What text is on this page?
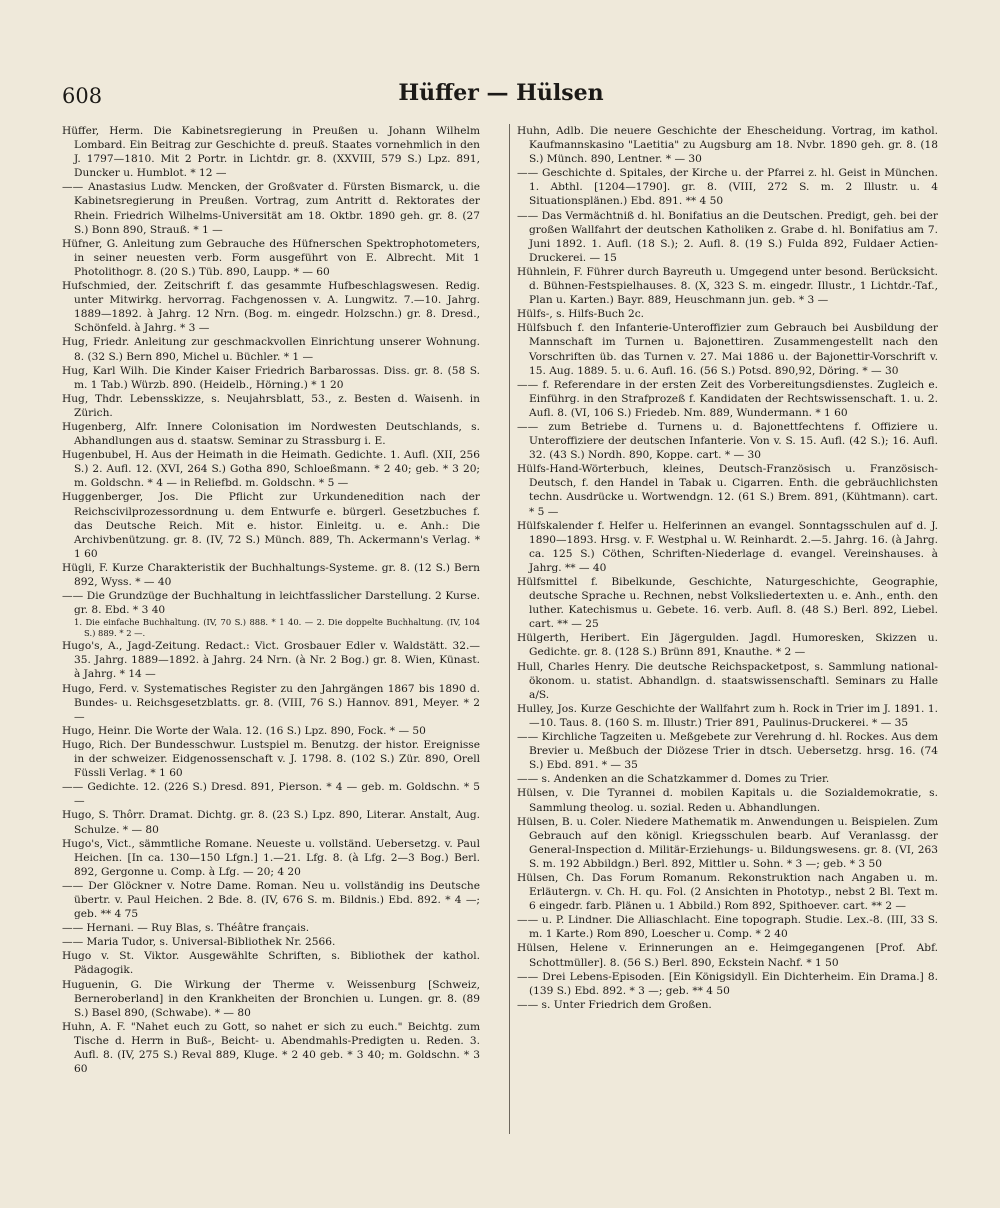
608	Hüffer — Hülsen

Hüffer, Herm. Die Kabinetsregierung in Preußen u. Johann Wilhelm Lombard. Ein Beitrag zur Geschichte d. preuß. Staates vornehmlich in den J. 1797—1810. Mit 2 Portr. in Lichtdr. gr. 8. (XXVIII, 579 S.) Lpz. 891, Duncker u. Humblot. * 12 —

—— Anastasius Ludw. Mencken, der Großvater d. Fürsten Bismarck, u. die Kabinetsregierung in Preußen. Vortrag, zum Antritt d. Rektorates der Rhein. Friedrich Wilhelms-Universität am 18. Oktbr. 1890 geh. gr. 8. (27 S.) Bonn 890, Strauß. * 1 —

Hüfner, G. Anleitung zum Gebrauche des Hüfnerschen Spektrophotometers, in seiner neuesten verb. Form ausgeführt von E. Albrecht. Mit 1 Photolithogr. 8. (20 S.) Tüb. 890, Laupp. * — 60

Hufschmied, der. Zeitschrift f. das gesammte Hufbeschlagswesen. Redig. unter Mitwirkg. hervorrag. Fachgenossen v. A. Lungwitz. 7.—10. Jahrg. 1889—1892. à Jahrg. 12 Nrn. (Bog. m. eingedr. Holzschn.) gr. 8. Dresd., Schönfeld. à Jahrg. * 3 —

Hug, Friedr. Anleitung zur geschmackvollen Einrichtung unserer Wohnung. 8. (32 S.) Bern 890, Michel u. Büchler. * 1 —

Hug, Karl Wilh. Die Kinder Kaiser Friedrich Barbarossas. Diss. gr. 8. (58 S. m. 1 Tab.) Würzb. 890. (Heidelb., Hörning.) * 1 20

Hug, Thdr. Lebensskizze, s. Neujahrsblatt, 53., z. Besten d. Waisenh. in Zürich.

Hugenberg, Alfr. Innere Colonisation im Nordwesten Deutschlands, s. Abhandlungen aus d. staatsw. Seminar zu Strassburg i. E.

Hugenbubel, H. Aus der Heimath in die Heimath. Gedichte. 1. Aufl. (XII, 256 S.) 2. Aufl. 12. (XVI, 264 S.) Gotha 890, Schloeßmann. * 2 40; geb. * 3 20; m. Goldschn. * 4 — in Reliefbd. m. Goldschn. * 5 —

Huggenberger, Jos. Die Pflicht zur Urkundenedition nach der Reichscivilprozessordnung u. dem Entwurfe e. bürgerl. Gesetzbuches f. das Deutsche Reich. Mit e. histor. Einleitg. u. e. Anh.: Die Archivbenützung. gr. 8. (IV, 72 S.) Münch. 889, Th. Ackermann's Verlag. * 1 60

Hügli, F. Kurze Charakteristik der Buchhaltungs-Systeme. gr. 8. (12 S.) Bern 892, Wyss. * — 40

—— Die Grundzüge der Buchhaltung in leichtfasslicher Darstellung. 2 Kurse. gr. 8. Ebd. * 3 40

1. Die einfache Buchhaltung. (IV, 70 S.) 888. * 1 40. — 2. Die doppelte Buchhaltung. (IV, 104 S.) 889. * 2 —.

Hugo's, A., Jagd-Zeitung. Redact.: Vict. Grosbauer Edler v. Waldstätt. 32.—35. Jahrg. 1889—1892. à Jahrg. 24 Nrn. (à Nr. 2 Bog.) gr. 8. Wien, Künast. à Jahrg. * 14 —

Hugo, Ferd. v. Systematisches Register zu den Jahrgängen 1867 bis 1890 d. Bundes- u. Reichsgesetzblatts. gr. 8. (VIII, 76 S.) Hannov. 891, Meyer. * 2 —

Hugo, Heinr. Die Worte der Wala. 12. (16 S.) Lpz. 890, Fock. * — 50

Hugo, Rich. Der Bundesschwur. Lustspiel m. Benutzg. der histor. Ereignisse in der schweizer. Eidgenossenschaft v. J. 1798. 8. (102 S.) Zür. 890, Orell Füssli Verlag. * 1 60

—— Gedichte. 12. (226 S.) Dresd. 891, Pierson. * 4 — geb. m. Goldschn. * 5 —

Hugo, S. Thôrr. Dramat. Dichtg. gr. 8. (23 S.) Lpz. 890, Literar. Anstalt, Aug. Schulze. * — 80

Hugo's, Vict., sämmtliche Romane. Neueste u. vollständ. Uebersetzg. v. Paul Heichen. [In ca. 130—150 Lfgn.] 1.—21. Lfg. 8. (à Lfg. 2—3 Bog.) Berl. 892, Gergonne u. Comp. à Lfg. — 20; 4 20

—— Der Glöckner v. Notre Dame. Roman. Neu u. vollständig ins Deutsche übertr. v. Paul Heichen. 2 Bde. 8. (IV, 676 S. m. Bildnis.) Ebd. 892. * 4 —; geb. ** 4 75

—— Hernani. — Ruy Blas, s. Théâtre français.

—— Maria Tudor, s. Universal-Bibliothek Nr. 2566.

Hugo v. St. Viktor. Ausgewählte Schriften, s. Bibliothek der kathol. Pädagogik.

Huguenin, G. Die Wirkung der Therme v. Weissenburg [Schweiz, Berneroberland] in den Krankheiten der Bronchien u. Lungen. gr. 8. (89 S.) Basel 890, (Schwabe). * — 80

Huhn, A. F. "Nahet euch zu Gott, so nahet er sich zu euch." Beichtg. zum Tische d. Herrn in Buß-, Beicht- u. Abendmahls-Predigten u. Reden. 3. Aufl. 8. (IV, 275 S.) Reval 889, Kluge. * 2 40 geb. * 3 40; m. Goldschn. * 3 60

Huhn, Adlb. Die neuere Geschichte der Ehescheidung. Vortrag, im kathol. Kaufmannskasino "Laetitia" zu Augsburg am 18. Nvbr. 1890 geh. gr. 8. (18 S.) Münch. 890, Lentner. * — 30

—— Geschichte d. Spitales, der Kirche u. der Pfarrei z. hl. Geist in München. 1. Abthl. [1204—1790]. gr. 8. (VIII, 272 S. m. 2 Illustr. u. 4 Situationsplänen.) Ebd. 891. ** 4 50

—— Das Vermächtniß d. hl. Bonifatius an die Deutschen. Predigt, geh. bei der großen Wallfahrt der deutschen Katholiken z. Grabe d. hl. Bonifatius am 7. Juni 1892. 1. Aufl. (18 S.); 2. Aufl. 8. (19 S.) Fulda 892, Fuldaer Actien-Druckerei. — 15

Hühnlein, F. Führer durch Bayreuth u. Umgegend unter besond. Berücksicht. d. Bühnen-Festspielhauses. 8. (X, 323 S. m. eingedr. Illustr., 1 Lichtdr.-Taf., Plan u. Karten.) Bayr. 889, Heuschmann jun. geb. * 3 —

Hülfs-, s. Hilfs-Buch 2c.

Hülfsbuch f. den Infanterie-Unteroffizier zum Gebrauch bei Ausbildung der Mannschaft im Turnen u. Bajonettiren. Zusammengestellt nach den Vorschriften üb. das Turnen v. 27. Mai 1886 u. der Bajonettir-Vorschrift v. 15. Aug. 1889. 5. u. 6. Aufl. 16. (56 S.) Potsd. 890,92, Döring. * — 30

—— f. Referendare in der ersten Zeit des Vorbereitungsdienstes. Zugleich e. Einführg. in den Strafprozeß f. Kandidaten der Rechtswissenschaft. 1. u. 2. Aufl. 8. (VI, 106 S.) Friedeb. Nm. 889, Wundermann. * 1 60

—— zum Betriebe d. Turnens u. d. Bajonettfechtens f. Offiziere u. Unteroffiziere der deutschen Infanterie. Von v. S. 15. Aufl. (42 S.); 16. Aufl. 32. (43 S.) Nordh. 890, Koppe. cart. * — 30

Hülfs-Hand-Wörterbuch, kleines, Deutsch-Französisch u. Französisch-Deutsch, f. den Handel in Tabak u. Cigarren. Enth. die gebräuchlichsten techn. Ausdrücke u. Wortwendgn. 12. (61 S.) Brem. 891, (Kühtmann). cart. * 5 —

Hülfskalender f. Helfer u. Helferinnen an evangel. Sonntagsschulen auf d. J. 1890—1893. Hrsg. v. F. Westphal u. W. Reinhardt. 2.—5. Jahrg. 16. (à Jahrg. ca. 125 S.) Cöthen, Schriften-Niederlage d. evangel. Vereinshauses. à Jahrg. ** — 40

Hülfsmittel f. Bibelkunde, Geschichte, Naturgeschichte, Geographie, deutsche Sprache u. Rechnen, nebst Volksliedertexten u. e. Anh., enth. den luther. Katechismus u. Gebete. 16. verb. Aufl. 8. (48 S.) Berl. 892, Liebel. cart. ** — 25

Hülgerth, Heribert. Ein Jägergulden. Jagdl. Humoresken, Skizzen u. Gedichte. gr. 8. (128 S.) Brünn 891, Knauthe. * 2 —

Hull, Charles Henry. Die deutsche Reichspacketpost, s. Sammlung national-ökonom. u. statist. Abhandlgn. d. staatswissenschaftl. Seminars zu Halle a/S.

Hulley, Jos. Kurze Geschichte der Wallfahrt zum h. Rock in Trier im J. 1891. 1.—10. Taus. 8. (160 S. m. Illustr.) Trier 891, Paulinus-Druckerei. * — 35

—— Kirchliche Tagzeiten u. Meßgebete zur Verehrung d. hl. Rockes. Aus dem Brevier u. Meßbuch der Diözese Trier in dtsch. Uebersetzg. hrsg. 16. (74 S.) Ebd. 891. * — 35

—— s. Andenken an die Schatzkammer d. Domes zu Trier.

Hülsen, v. Die Tyrannei d. mobilen Kapitals u. die Sozialdemokratie, s. Sammlung theolog. u. sozial. Reden u. Abhandlungen.

Hülsen, B. u. Coler. Niedere Mathematik m. Anwendungen u. Beispielen. Zum Gebrauch auf den königl. Kriegsschulen bearb. Auf Veranlassg. der General-Inspection d. Militär-Erziehungs- u. Bildungswesens. gr. 8. (VI, 263 S. m. 192 Abbildgn.) Berl. 892, Mittler u. Sohn. * 3 —; geb. * 3 50

Hülsen, Ch. Das Forum Romanum. Rekonstruktion nach Angaben u. m. Erläutergn. v. Ch. H. qu. Fol. (2 Ansichten in Phototyp., nebst 2 Bl. Text m. 6 eingedr. farb. Plänen u. 1 Abbild.) Rom 892, Spithoever. cart. ** 2 —

—— u. P. Lindner. Die Alliaschlacht. Eine topograph. Studie. Lex.-8. (III, 33 S. m. 1 Karte.) Rom 890, Loescher u. Comp. * 2 40

Hülsen, Helene v. Erinnerungen an e. Heimgegangenen [Prof. Abf. Schottmüller]. 8. (56 S.) Berl. 890, Eckstein Nachf. * 1 50

—— Drei Lebens-Episoden. [Ein Königsidyll. Ein Dichterheim. Ein Drama.] 8. (139 S.) Ebd. 892. * 3 —; geb. ** 4 50

—— s. Unter Friedrich dem Großen.
